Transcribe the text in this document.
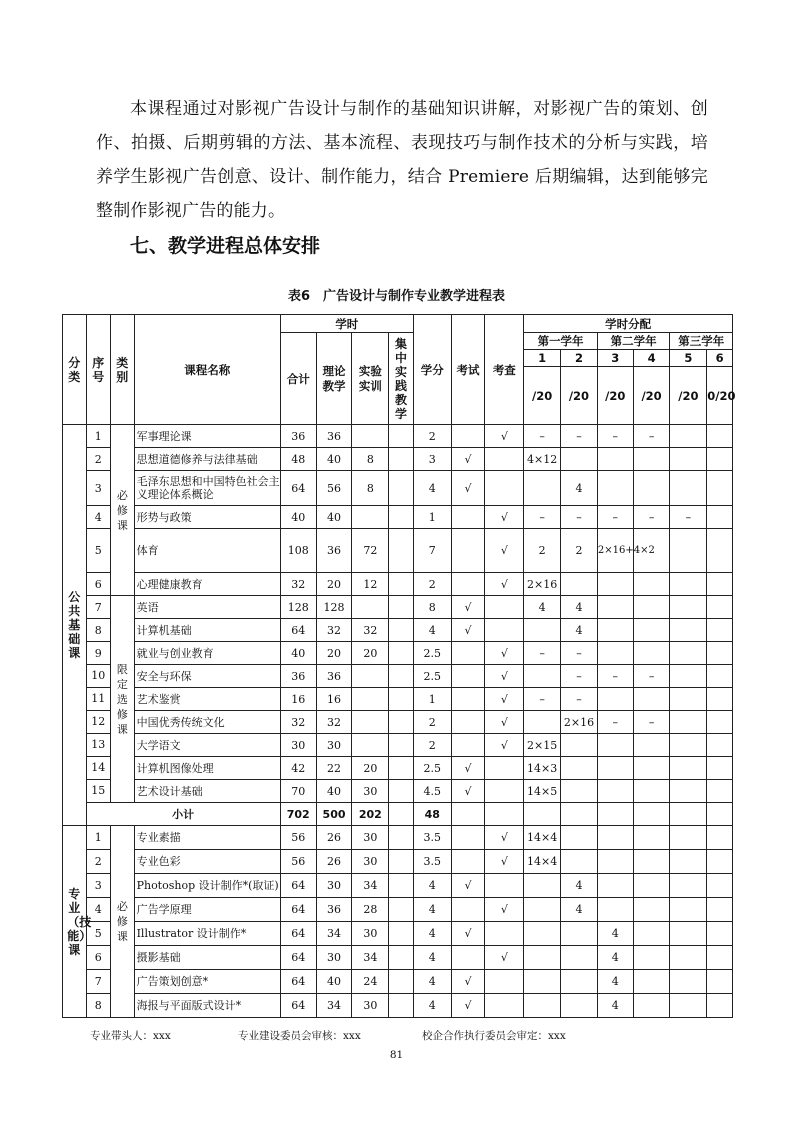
本课程通过对影视广告设计与制作的基础知识讲解，对影视广告的策划、创作、拍摄、后期剪辑的方法、基本流程、表现技巧与制作技术的分析与实践，培养学生影视广告创意、设计、制作能力，结合 Premiere 后期编辑，达到能够完整制作影视广告的能力。
七、教学进程总体安排
表6　广告设计与制作专业教学进程表
分类	序号	类别	课程名称	学时				学分	考试	考查	学时分配					
				合计	理论教学	实验实训	集中实践教学				第一学年		第二学年		第三学年	
											1	2	3	4	5	6
											/20	/20	/20	/20	/20	0/20
公共基础课	1	必修课	军事理论课	36	36			2		√	–	–	–	–		
	2		思想道德修养与法律基础	48	40	8		3	√		4×12					
	3		毛泽东思想和中国特色社会主义理论体系概论	64	56	8		4	√			4				
	4		形势与政策	40	40			1		√	–	–	–	–	–	
	5		体育	108	36	72		7		√	2	2	2×16+4×2			
	6		心理健康教育	32	20	12		2		√	2×16					
	7	限定选修课	英语	128	128			8	√		4	4				
	8		计算机基础	64	32	32		4	√			4				
	9		就业与创业教育	40	20	20		2.5		√	–	–				
	10		安全与环保	36	36			2.5		√		–	–	–		
	11		艺术鉴赏	16	16			1		√	–	–				
	12		中国优秀传统文化	32	32			2		√		2×16	–	–		
	13		大学语文	30	30			2		√	2×15					
	14		计算机图像处理	42	22	20		2.5	√		14×3					
	15		艺术设计基础	70	40	30		4.5	√		14×5					
	小计			702	500	202		48								
专业（技能）课	1	必修课	专业素描	56	26	30		3.5		√	14×4					
	2		专业色彩	56	26	30		3.5		√	14×4					
	3		Photoshop 设计制作*(取证)	64	30	34		4	√			4				
	4		广告学原理	64	36	28		4		√		4				
	5		Illustrator 设计制作*	64	34	30		4	√				4			
	6		摄影基础	64	30	34		4		√			4			
	7		广告策划创意*	64	40	24		4	√				4			
	8		海报与平面版式设计*	64	34	30		4	√				4			
专业带头人：xxx	专业建设委员会审核：xxx	校企合作执行委员会审定：xxx
81
